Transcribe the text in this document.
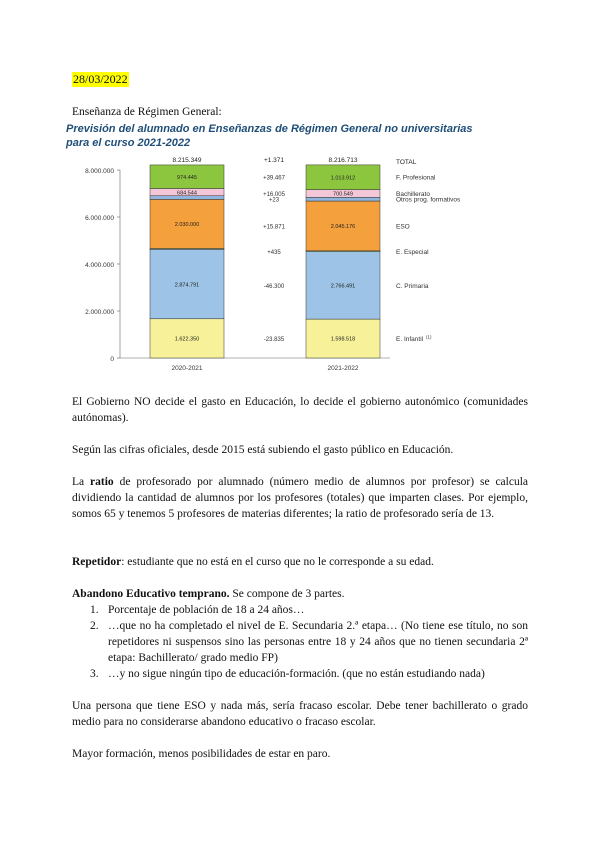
28/03/2022
Enseñanza de Régimen General:
Previsión del alumnado en Enseñanzas de Régimen General no universitarias
para el curso 2021-2022
0
2.000.000
4.000.000
6.000.000
8.000.000
1.622.350
2.874.791
2.030.000
684.544
974.445
8.215.349
2020-2021
1.598.518
2.766.491
2.045.176
700.549
1.013.912
8.216.713
2021-2022
-23.835	E. Infantil (1)
-46.300	C. Primaria
+435	E. Especial
+15.871	ESO
+23	Otros prog. formativos
+16.005	Bachillerato
+39.467	F. Profesional
+1.371	TOTAL
El Gobierno NO decide el gasto en Educación, lo decide el gobierno autonómico (comunidades autónomas).
Según las cifras oficiales, desde 2015 está subiendo el gasto público en Educación.
La ratio de profesorado por alumnado (número medio de alumnos por profesor) se calcula dividiendo la cantidad de alumnos por los profesores (totales) que imparten clases. Por ejemplo, somos 65 y tenemos 5 profesores de materias diferentes; la ratio de profesorado sería de 13.
Repetidor: estudiante que no está en el curso que no le corresponde a su edad.
Abandono Educativo temprano. Se compone de 3 partes.
1. Porcentaje de población de 18 a 24 años…
2. …que no ha completado el nivel de E. Secundaria 2.ª etapa… (No tiene ese título, no son repetidores ni suspensos sino las personas entre 18 y 24 años que no tienen secundaria 2ª etapa: Bachillerato/ grado medio FP)
3. …y no sigue ningún tipo de educación-formación. (que no están estudiando nada)
Una persona que tiene ESO y nada más, sería fracaso escolar. Debe tener bachillerato o grado medio para no considerarse abandono educativo o fracaso escolar.
Mayor formación, menos posibilidades de estar en paro.
